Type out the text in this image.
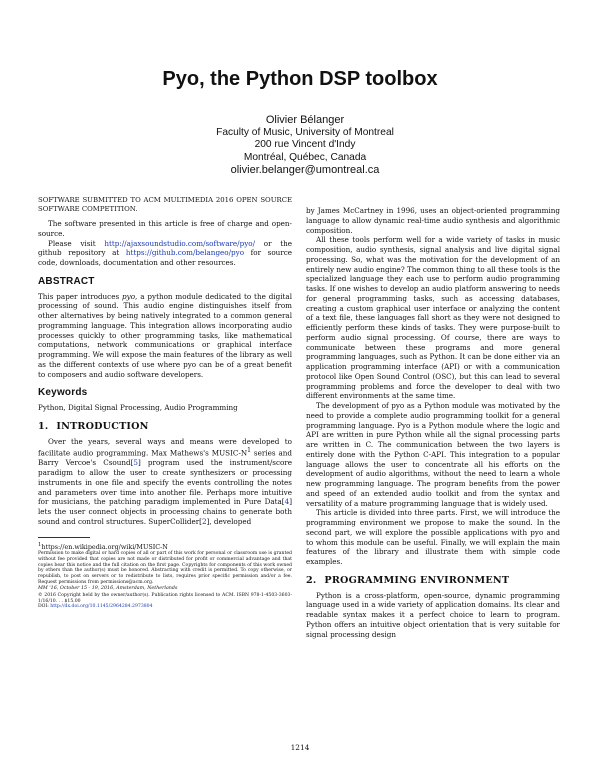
Pyo, the Python DSP toolbox
Olivier Bélanger
Faculty of Music, University of Montreal
200 rue Vincent d'Indy
Montréal, Québec, Canada
olivier.belanger@umontreal.ca

SOFTWARE SUBMITTED TO ACM MULTIMEDIA 2016 OPEN SOURCE SOFTWARE COMPETITION.

The software presented in this article is free of charge and open-source.

Please visit http://ajaxsoundstudio.com/software/pyo/ or the github repository at https://github.com/belangeo/pyo for source code, downloads, documentation and other resources.

ABSTRACT

This paper introduces pyo, a python module dedicated to the digital processing of sound. This audio engine distinguishes itself from other alternatives by being natively integrated to a common general programming language. This integration allows incorporating audio processes quickly to other programming tasks, like mathematical computations, network communications or graphical interface programming. We will expose the main features of the library as well as the different contexts of use where pyo can be of a great benefit to composers and audio software developers.

Keywords

Python, Digital Signal Processing, Audio Programming

1. INTRODUCTION

Over the years, several ways and means were developed to facilitate audio programming. Max Mathews's MUSIC-$N^1$ series and Barry Vercoe's Csound[5] program used the instrument/score paradigm to allow the user to create synthesizers or processing instruments in one file and specify the events controlling the notes and parameters over time into another file. Perhaps more intuitive for musicians, the patching paradigm implemented in Pure Data[4] lets the user connect objects in processing chains to generate both sound and control structures. SuperCollider[2], developed

$^1$https://en.wikipedia.org/wiki/MUSIC-N

Permission to make digital or hard copies of all or part of this work for personal or classroom use is granted without fee provided that copies are not made or distributed for profit or commercial advantage and that copies bear this notice and the full citation on the first page. Copyrights for components of this work owned by others than the author(s) must be honored. Abstracting with credit is permitted. To copy otherwise, or republish, to post on servers or to redistribute to lists, requires prior specific permission and/or a fee. Request permissions from permissions@acm.org.

MM '16, October 15 - 19, 2016, Amsterdam, Netherlands

© 2016 Copyright held by the owner/author(s). Publication rights licensed to ACM. ISBN 978-1-4503-3603-1/16/10. . . $15.00

DOI: http://dx.doi.org/10.1145/2964284.2973804

by James McCartney in 1996, uses an object-oriented programming language to allow dynamic real-time audio synthesis and algorithmic composition.

All these tools perform well for a wide variety of tasks in music composition, audio synthesis, signal analysis and live digital signal processing. So, what was the motivation for the development of an entirely new audio engine? The common thing to all these tools is the specialized language they each use to perform audio programming tasks. If one wishes to develop an audio platform answering to needs for general programming tasks, such as accessing databases, creating a custom graphical user interface or analyzing the content of a text file, these languages fall short as they were not designed to efficiently perform these kinds of tasks. They were purpose-built to perform audio signal processing. Of course, there are ways to communicate between these programs and more general programming languages, such as Python. It can be done either via an application programming interface (API) or with a communication protocol like Open Sound Control (OSC), but this can lead to several programming problems and force the developer to deal with two different environments at the same time.

The development of pyo as a Python module was motivated by the need to provide a complete audio programming toolkit for a general programming language. Pyo is a Python module where the logic and API are written in pure Python while all the signal processing parts are written in C. The communication between the two layers is entirely done with the Python C-API. This integration to a popular language allows the user to concentrate all his efforts on the development of audio algorithms, without the need to learn a whole new programming language. The program benefits from the power and speed of an extended audio toolkit and from the syntax and versatility of a mature programming language that is widely used.

This article is divided into three parts. First, we will introduce the programming environment we propose to make the sound. In the second part, we will explore the possible applications with pyo and to whom this module can be useful. Finally, we will explain the main features of the library and illustrate them with simple code examples.

2. PROGRAMMING ENVIRONMENT

Python is a cross-platform, open-source, dynamic programming language used in a wide variety of application domains. Its clear and readable syntax makes it a perfect choice to learn to program. Python offers an intuitive object orientation that is very suitable for signal processing design

1214
